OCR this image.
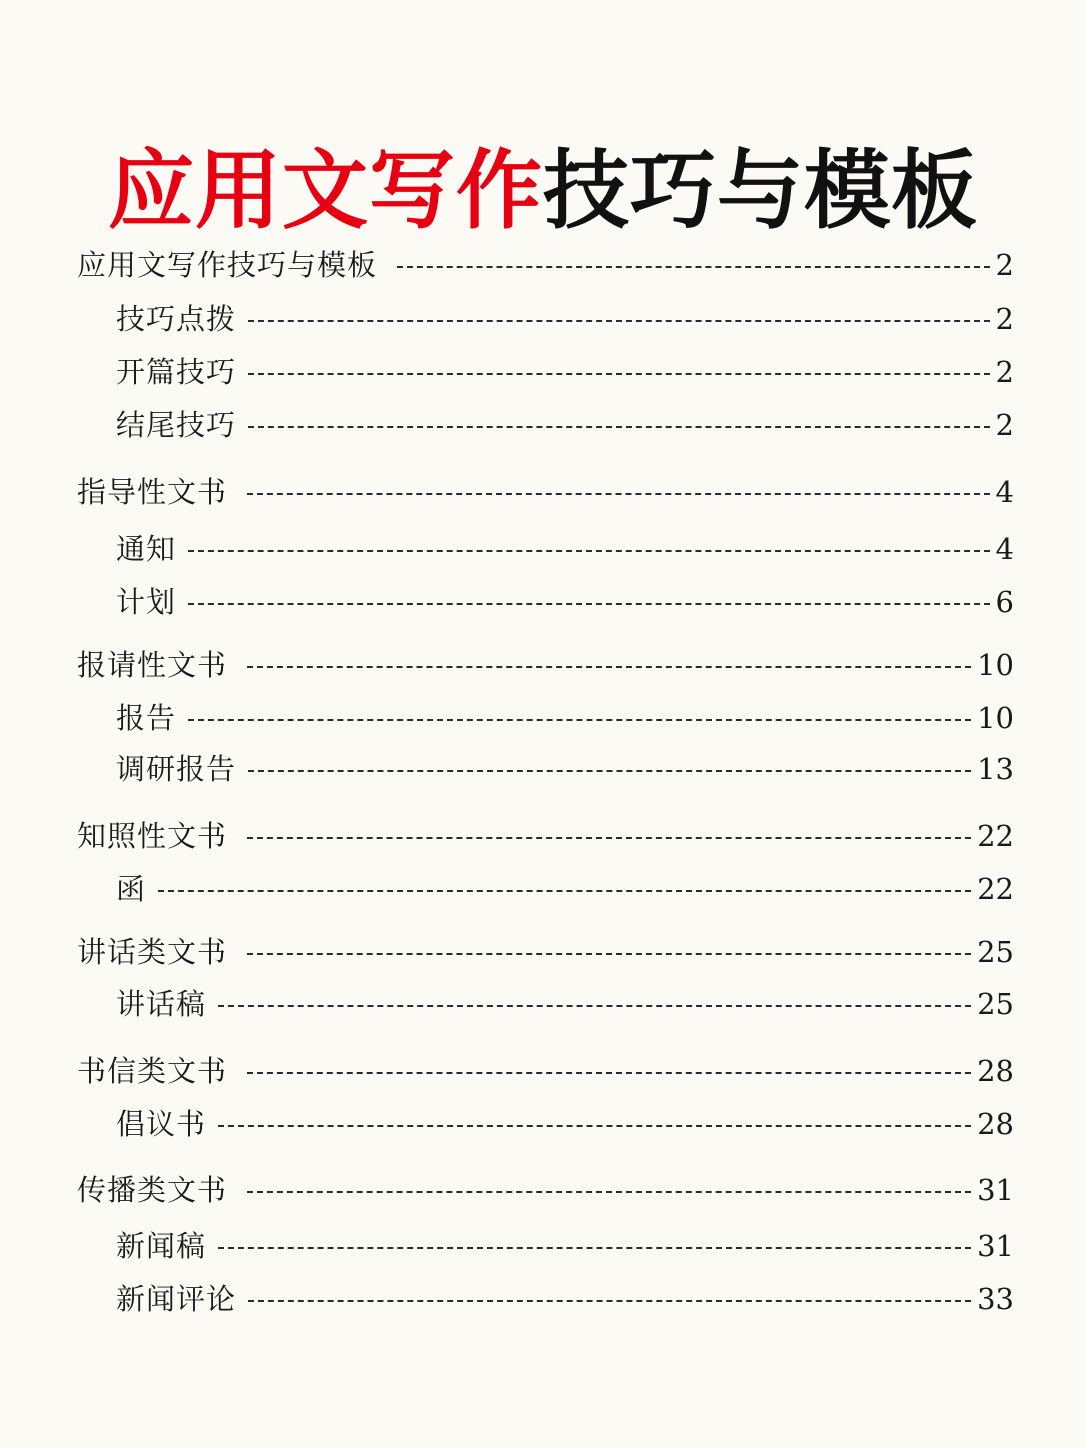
应用文写作技巧与模板
应用文写作技巧与模板	2
技巧点拨	2
开篇技巧	2
结尾技巧	2
指导性文书	4
通知	4
计划	6
报请性文书	10
报告	10
调研报告	13
知照性文书	22
函	22
讲话类文书	25
讲话稿	25
书信类文书	28
倡议书	28
传播类文书	31
新闻稿	31
新闻评论	33
